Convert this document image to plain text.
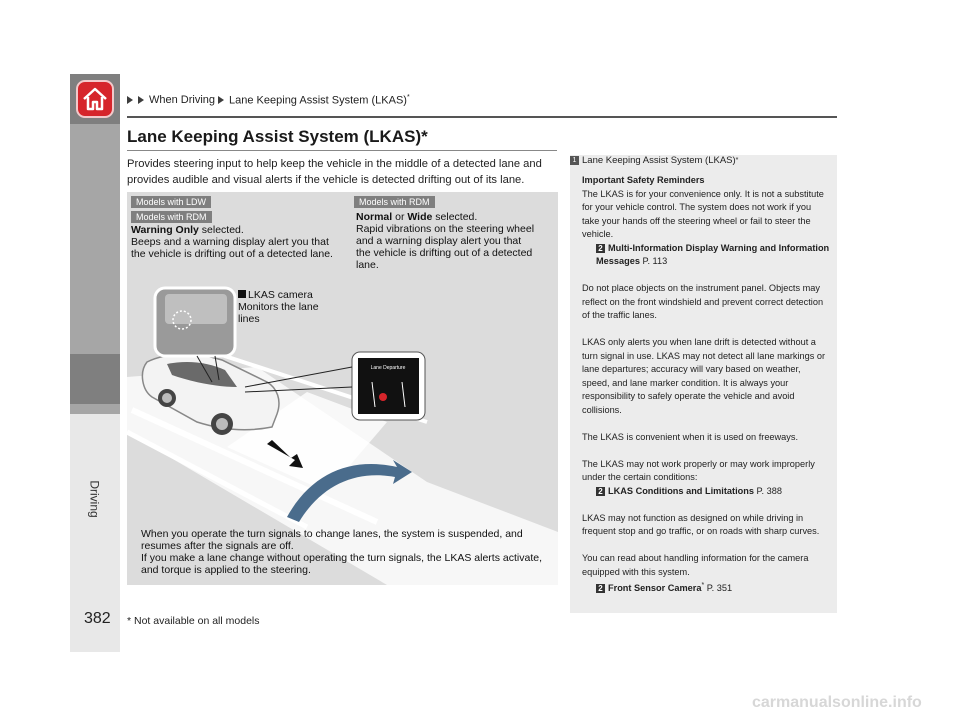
Driving
When Driving Lane Keeping Assist System (LKAS)*
Lane Keeping Assist System (LKAS)*
Provides steering input to help keep the vehicle in the middle of a detected lane and provides audible and visual alerts if the vehicle is detected drifting out of its lane.
Lane Departure
Models with LDW
Models with RDM
Warning Only selected.
Beeps and a warning display alert you that the vehicle is drifting out of a detected lane.
Models with RDM
Normal or Wide selected.
Rapid vibrations on the steering wheel and a warning display alert you that the vehicle is drifting out of a detected lane.
When you operate the turn signals to change lanes, the system is suspended, and resumes after the signals are off.
If you make a lane change without operating the turn signals, the LKAS alerts activate, and torque is applied to the steering.
LKAS camera
Monitors the lane lines
1 Lane Keeping Assist System (LKAS) *
Important Safety Reminders

The LKAS is for your convenience only. It is not a substitute for your vehicle control. The system does not work if you take your hands off the steering wheel or fail to steer the vehicle.
2 Multi-Information Display Warning and Information Messages P. 113

Do not place objects on the instrument panel. Objects may reflect on the front windshield and prevent correct detection of the traffic lanes.

LKAS only alerts you when lane drift is detected without a turn signal in use. LKAS may not detect all lane markings or lane departures; accuracy will vary based on weather, speed, and lane marker condition. It is always your responsibility to safely operate the vehicle and avoid collisions.

The LKAS is convenient when it is used on freeways.

The LKAS may not work properly or may work improperly under the certain conditions:
2 LKAS Conditions and Limitations P. 388

LKAS may not function as designed on while driving in frequent stop and go traffic, or on roads with sharp curves.

You can read about handling information for the camera equipped with this system.
2 Front Sensor Camera* P. 351

382 * Not available on all models
carmanualsonline.info
